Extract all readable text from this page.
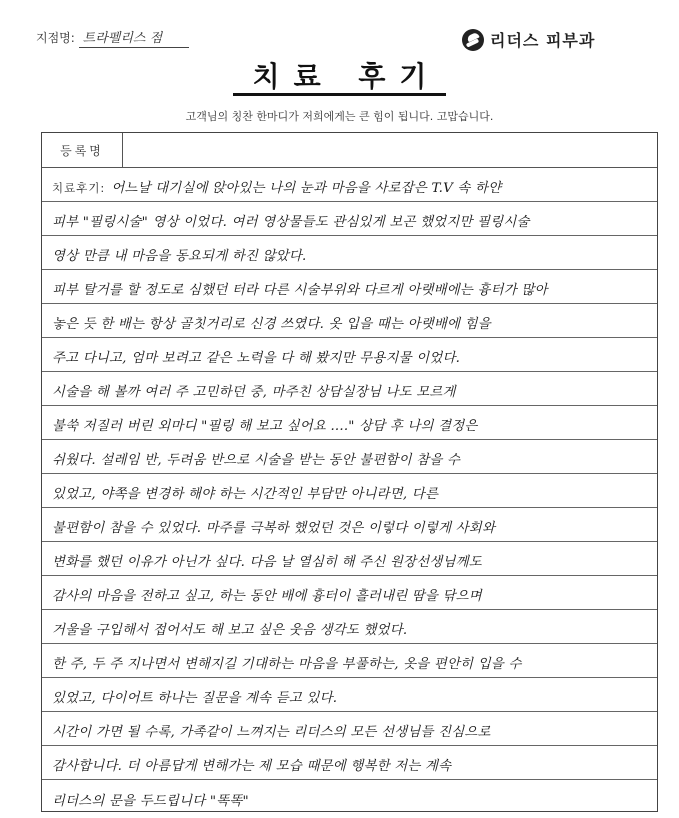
지점명: 트라펠리스 점	리더스 피부과
치료 후기
고객님의 칭찬 한마디가 저희에게는 큰 힘이 됩니다. 고맙습니다.
등록명
치료후기: 어느날 대기실에 앉아있는 나의 눈과 마음을 사로잡은 T.V 속 하얀
피부 "필링시술" 영상 이었다. 여러 영상물들도 관심있게 보곤 했었지만 필링시술
영상 만큼 내 마음을 동요되게 하진 않았다.
피부 탈거를 할 정도로 심했던 터라 다른 시술부위와 다르게 아랫배에는 흉터가 많아
놓은 듯 한 배는 항상 골칫거리로 신경 쓰였다. 옷 입을 때는 아랫배에 힘을
주고 다니고, 엄마 보려고 같은 노력을 다 해 봤지만 무용지물 이었다.
시술을 해 볼까 여러 주 고민하던 중, 마주친 상담실장님 나도 모르게
불쑥 저질러 버린 외마디 "필링 해 보고 싶어요 ...." 상담 후 나의 결정은
쉬웠다. 설레임 반, 두려움 반으로 시술을 받는 동안 불편함이 참을 수
있었고, 야쪽을 변경하 해야 하는 시간적인 부담만 아니라면, 다른
불편함이 참을 수 있었다. 마주를 극복하 했었던 것은 이렇다 이렇게 사회와
변화를 했던 이유가 아닌가 싶다. 다음 날 열심히 해 주신 원장선생님께도
감사의 마음을 전하고 싶고, 하는 동안 배에 흉터이 흘러내린 땀을 닦으며
거울을 구입해서 접어서도 해 보고 싶은 웃음 생각도 했었다.
한 주, 두 주 지나면서 변해지길 기대하는 마음을 부풀하는, 옷을 편안히 입을 수
있었고, 다이어트 하나는 질문을 계속 듣고 있다.
시간이 가면 될 수록, 가족같이 느껴지는 리더스의 모든 선생님들 진심으로
감사합니다. 더 아름답게 변해가는 제 모습 때문에 행복한 저는 계속
리더스의 문을 두드립니다 "똑똑"
